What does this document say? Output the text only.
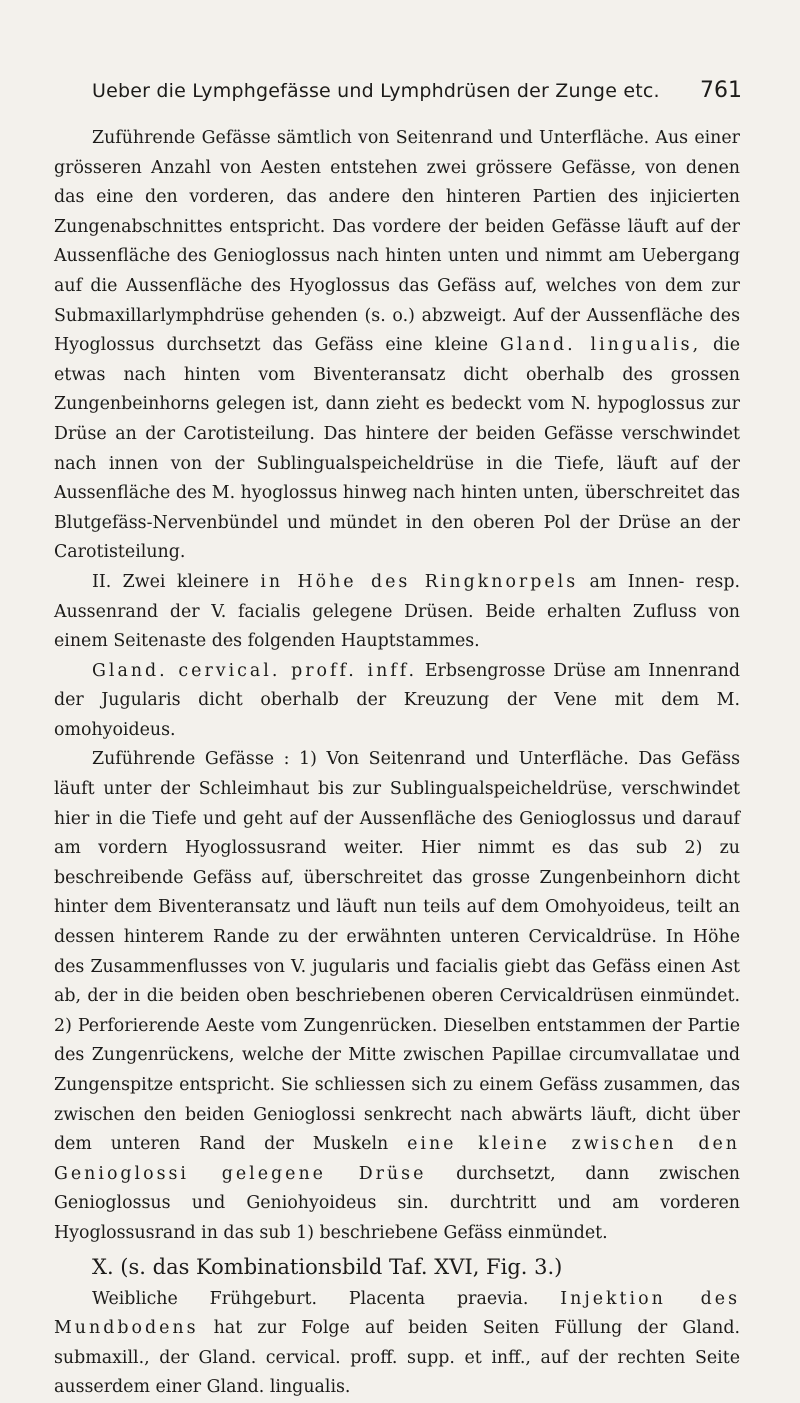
Ueber die Lymphgefässe und Lymphdrüsen der Zunge etc. 761

Zuführende Gefässe sämtlich von Seitenrand und Unterfläche. Aus einer grösseren Anzahl von Aesten entstehen zwei grössere Gefässe, von denen das eine den vorderen, das andere den hinteren Partien des injicierten Zungenabschnittes entspricht. Das vordere der beiden Gefässe läuft auf der Aussenfläche des Genioglossus nach hinten unten und nimmt am Uebergang auf die Aussenfläche des Hyoglossus das Gefäss auf, welches von dem zur Submaxillarlymphdrüse gehenden (s. o.) abzweigt. Auf der Aussenfläche des Hyoglossus durchsetzt das Gefäss eine kleine Gland. lingualis, die etwas nach hinten vom Biventeransatz dicht oberhalb des grossen Zungenbeinhorns gelegen ist, dann zieht es bedeckt vom N. hypoglossus zur Drüse an der Carotisteilung. Das hintere der beiden Gefässe verschwindet nach innen von der Sublingualspeicheldrüse in die Tiefe, läuft auf der Aussenfläche des M. hyoglossus hinweg nach hinten unten, überschreitet das Blutgefäss-Nervenbündel und mündet in den oberen Pol der Drüse an der Carotisteilung.

II. Zwei kleinere in Höhe des Ringknorpels am Innen- resp. Aussenrand der V. facialis gelegene Drüsen. Beide erhalten Zufluss von einem Seitenaste des folgenden Hauptstammes.

Gland. cervical. proff. inff. Erbsengrosse Drüse am Innenrand der Jugularis dicht oberhalb der Kreuzung der Vene mit dem M. omohyoideus.

Zuführende Gefässe : 1) Von Seitenrand und Unterfläche. Das Gefäss läuft unter der Schleimhaut bis zur Sublingualspeicheldrüse, verschwindet hier in die Tiefe und geht auf der Aussenfläche des Genioglossus und darauf am vordern Hyoglossusrand weiter. Hier nimmt es das sub 2) zu beschreibende Gefäss auf, überschreitet das grosse Zungenbeinhorn dicht hinter dem Biventeransatz und läuft nun teils auf dem Omohyoideus, teilt an dessen hinterem Rande zu der erwähnten unteren Cervicaldrüse. In Höhe des Zusammenflusses von V. jugularis und facialis giebt das Gefäss einen Ast ab, der in die beiden oben beschriebenen oberen Cervicaldrüsen einmündet. 2) Perforierende Aeste vom Zungenrücken. Dieselben entstammen der Partie des Zungenrückens, welche der Mitte zwischen Papillae circumvallatae und Zungenspitze entspricht. Sie schliessen sich zu einem Gefäss zusammen, das zwischen den beiden Genioglossi senkrecht nach abwärts läuft, dicht über dem unteren Rand der Muskeln eine kleine zwischen den Genioglossi gelegene Drüse durchsetzt, dann zwischen Genioglossus und Geniohyoideus sin. durchtritt und am vorderen Hyoglossusrand in das sub 1) beschriebene Gefäss einmündet.

X. (s. das Kombinationsbild Taf. XVI, Fig. 3.)

Weibliche Frühgeburt. Placenta praevia. Injektion des Mundbodens hat zur Folge auf beiden Seiten Füllung der Gland. submaxill., der Gland. cervical. proff. supp. et inff., auf der rechten Seite ausserdem einer Gland. lingualis.
